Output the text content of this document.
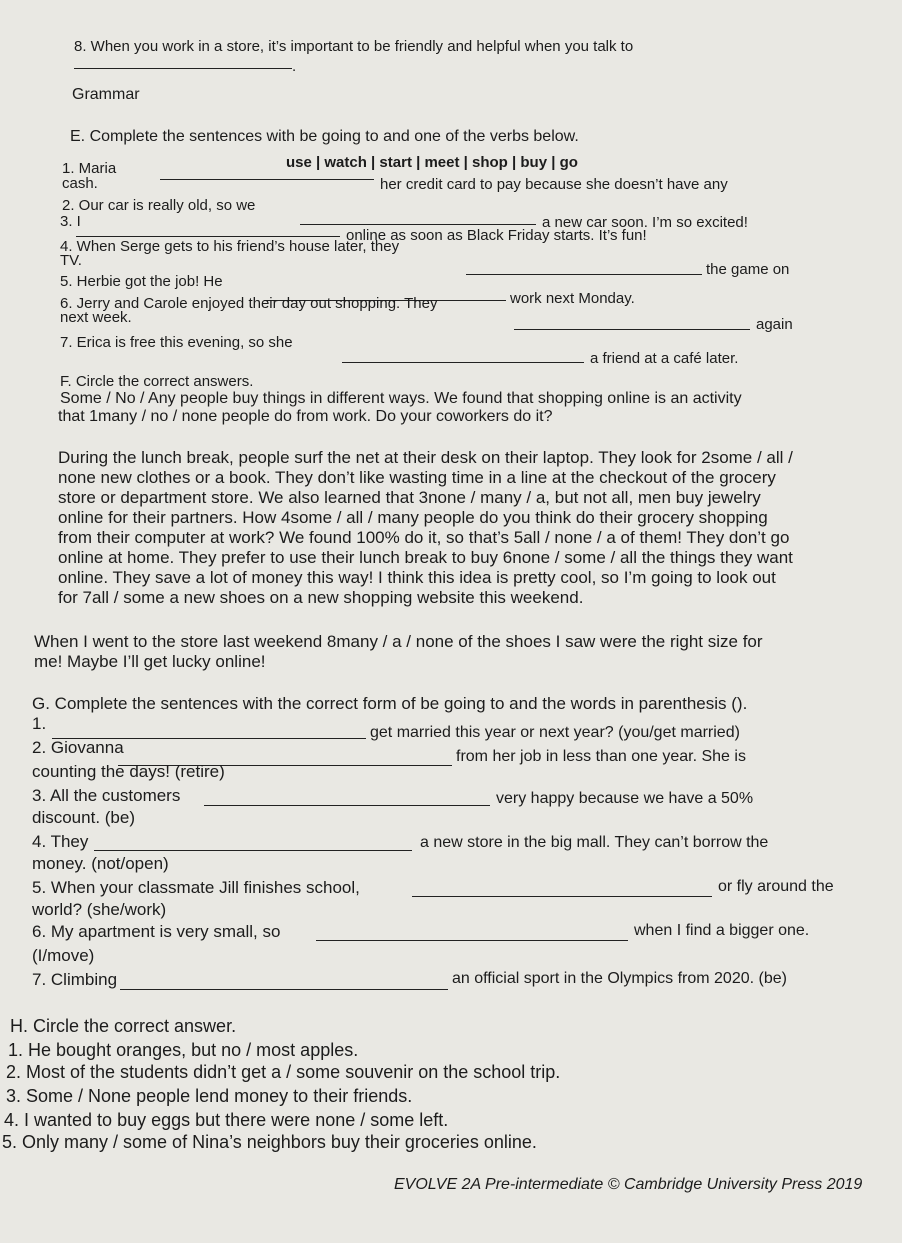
8. When you work in a store, it’s important to be friendly and helpful when you talk to
.
Grammar
E. Complete the sentences with be going to and one of the verbs below.
use | watch | start | meet | shop | buy | go
1. Maria
cash.	her credit card to pay because she doesn’t have any
2. Our car is really old, so we
a new car soon. I’m so excited!
3. I
online as soon as Black Friday starts. It’s fun!
4. When Serge gets to his friend’s house later, they
TV.
the game on
5. Herbie got the job! He
work next Monday.
6. Jerry and Carole enjoyed their day out shopping. They
next week.	again
7. Erica is free this evening, so she
a friend at a café later.
F. Circle the correct answers.
Some / No / Any people buy things in different ways. We found that shopping online is an activity
that 1many / no / none people do from work. Do your coworkers do it?
During the lunch break, people surf the net at their desk on their laptop. They look for 2some / all /
none new clothes or a book. They don’t like wasting time in a line at the checkout of the grocery
store or department store. We also learned that 3none / many / a, but not all, men buy jewelry
online for their partners. How 4some / all / many people do you think do their grocery shopping
from their computer at work? We found 100% do it, so that’s 5all / none / a of them! They don’t go
online at home. They prefer to use their lunch break to buy 6none / some / all the things they want
online. They save a lot of money this way! I think this idea is pretty cool, so I’m going to look out
for 7all / some a new shoes on a new shopping website this weekend.
When I went to the store last weekend 8many / a / none of the shoes I saw were the right size for
me! Maybe I’ll get lucky online!
G. Complete the sentences with the correct form of be going to and the words in parenthesis ().
1.	get married this year or next year? (you/get married)
2. Giovanna	from her job in less than one year. She is
counting the days! (retire)
3. All the customers	very happy because we have a 50%
discount. (be)
4. They	a new store in the big mall. They can’t borrow the
money. (not/open)
5. When your classmate Jill finishes school,	or fly around the
world? (she/work)
6. My apartment is very small, so	when I find a bigger one.
(I/move)
7. Climbing	an official sport in the Olympics from 2020. (be)
H. Circle the correct answer.
1. He bought oranges, but no / most apples.
2. Most of the students didn’t get a / some souvenir on the school trip.
3. Some / None people lend money to their friends.
4. I wanted to buy eggs but there were none / some left.
5. Only many / some of Nina’s neighbors buy their groceries online.
EVOLVE 2A Pre-intermediate © Cambridge University Press 2019
